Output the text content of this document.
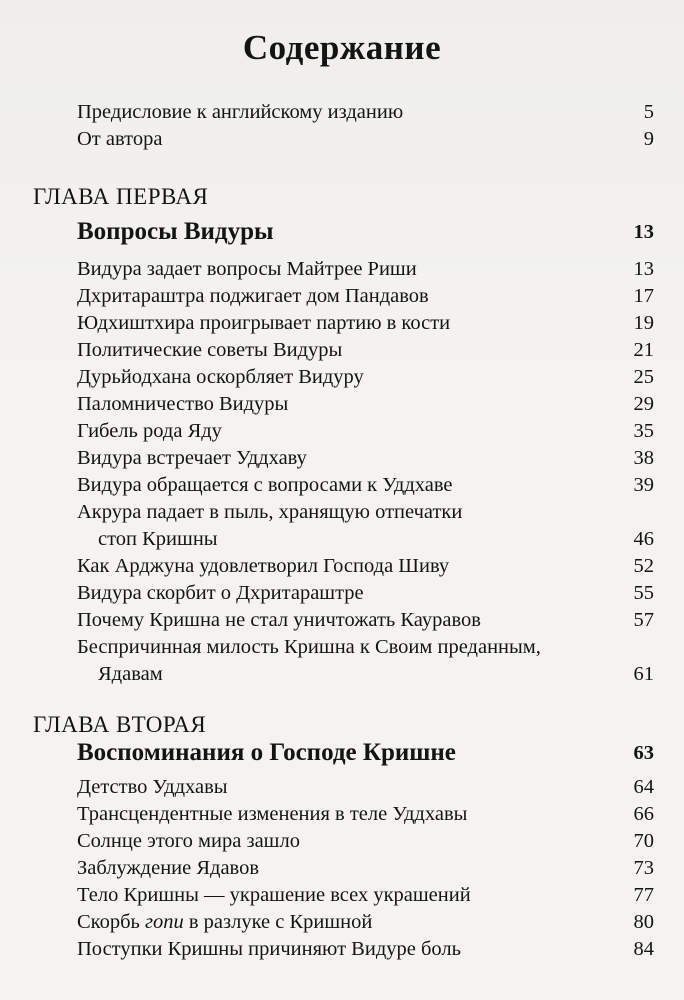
Содержание
Предисловие к английскому изданию	5
От автора	9
ГЛАВА ПЕРВАЯ
Вопросы Видуры	13
Видура задает вопросы Майтрее Риши	13
Дхритараштра поджигает дом Пандавов	17
Юдхиштхира проигрывает партию в кости	19
Политические советы Видуры	21
Дурьйодхана оскорбляет Видуру	25
Паломничество Видуры	29
Гибель рода Яду	35
Видура встречает Уддхаву	38
Видура обращается с вопросами к Уддхаве	39
Акрура падает в пыль, хранящую отпечатки
стоп Кришны	46
Как Арджуна удовлетворил Господа Шиву	52
Видура скорбит о Дхритараштре	55
Почему Кришна не стал уничтожать Кауравов	57
Беспричинная милость Кришна к Своим преданным,
Ядавам	61
ГЛАВА ВТОРАЯ
Воспоминания о Господе Кришне	63
Детство Уддхавы	64
Трансцендентные изменения в теле Уддхавы	66
Солнце этого мира зашло	70
Заблуждение Ядавов	73
Тело Кришны — украшение всех украшений	77
Скорбь гопи в разлуке с Кришной	80
Поступки Кришны причиняют Видуре боль	84
